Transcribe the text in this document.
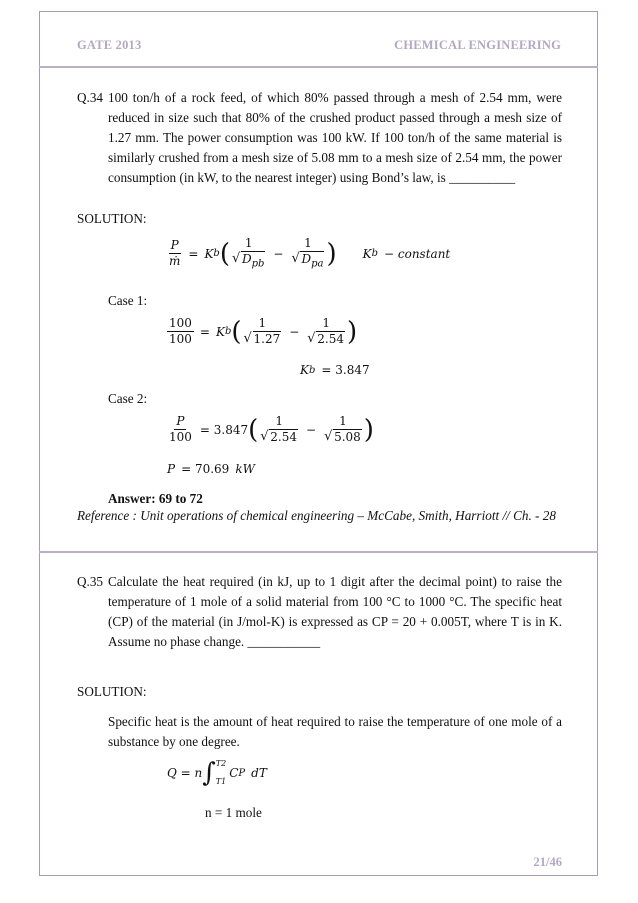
GATE 2013	CHEMICAL ENGINEERING
Q.34 100 ton/h of a rock feed, of which 80% passed through a mesh of 2.54 mm, were
reduced in size such that 80% of the crushed product passed through a mesh size of
1.27 mm. The power consumption was 100 kW. If 100 ton/h of the same material is
similarly crushed from a mesh size of 5.08 mm to a mesh size of 2.54 mm, the power
consumption (in kW, to the nearest integer) using Bond’s law, is __________
SOLUTION:
$\frac{P}{\text{ṁ}} = K$ b ( 1
√ $D_{pb} - 1$
√ $D_{pa}$ ) K b − constant
Case 1:
$\frac{100}{100} = K$ b ( 1
√ 1.27 − 1
√ 2.54 )
K b = 3.847
Case 2:
$\frac{P}{100} = 3.847$ ( 1
√ 2.54 − 1
√ 5.08 )
P = 70.69 kW
Answer: 69 to 72
Reference : Unit operations of chemical engineering – McCabe, Smith, Harriott // Ch. - 28
Q.35 Calculate the heat required (in kJ, up to 1 digit after the decimal point) to raise the
temperature of 1 mole of a solid material from 100 °C to 1000 °C. The specific heat
(CP) of the material (in J/mol-K) is expressed as CP = 20 + 0.005T, where T is in K.
Assume no phase change. ___________
SOLUTION:
Specific heat is the amount of heat required to raise the temperature of one mole of a
substance by one degree.
Q = n ∫ T2
T1
C P dT
n = 1 mole
21/46
